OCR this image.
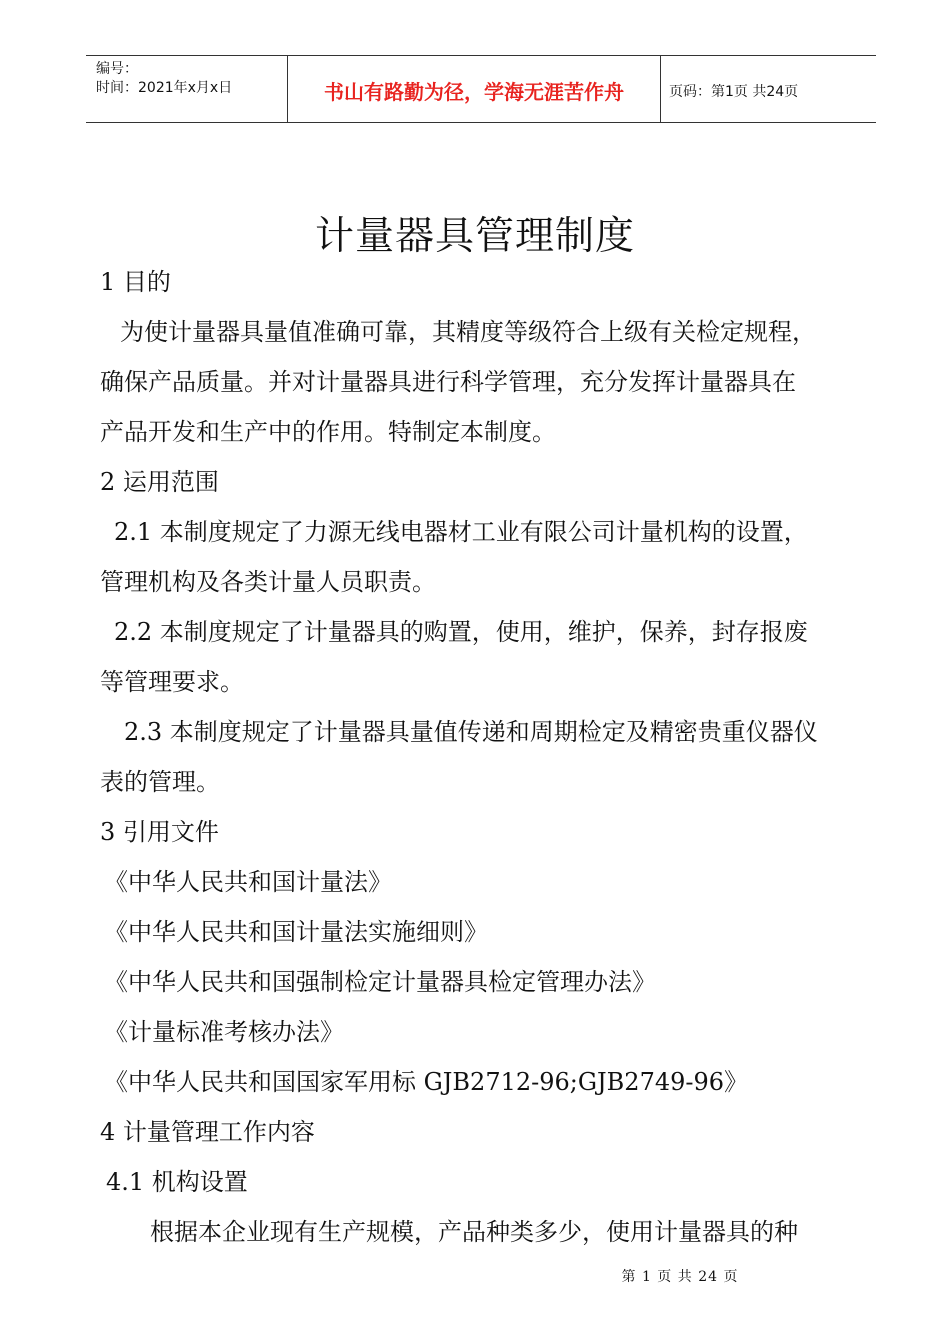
编号：
时间：2021年x月x日	书山有路勤为径，学海无涯苦作舟	页码：第1页 共24页
计量器具管理制度
1 目的
为使计量器具量值准确可靠，其精度等级符合上级有关检定规程，
确保产品质量。并对计量器具进行科学管理，充分发挥计量器具在
产品开发和生产中的作用。特制定本制度。
2 运用范围
2.1 本制度规定了力源无线电器材工业有限公司计量机构的设置，
管理机构及各类计量人员职责。
2.2 本制度规定了计量器具的购置，使用，维护，保养，封存报废
等管理要求。
2.3 本制度规定了计量器具量值传递和周期检定及精密贵重仪器仪
表的管理。
3 引用文件
《中华人民共和国计量法》
《中华人民共和国计量法实施细则》
《中华人民共和国强制检定计量器具检定管理办法》
《计量标准考核办法》
《中华人民共和国国家军用标 GJB2712-96;GJB2749-96》
4 计量管理工作内容
4.1 机构设置
根据本企业现有生产规模，产品种类多少，使用计量器具的种
第 1 页 共 24 页
